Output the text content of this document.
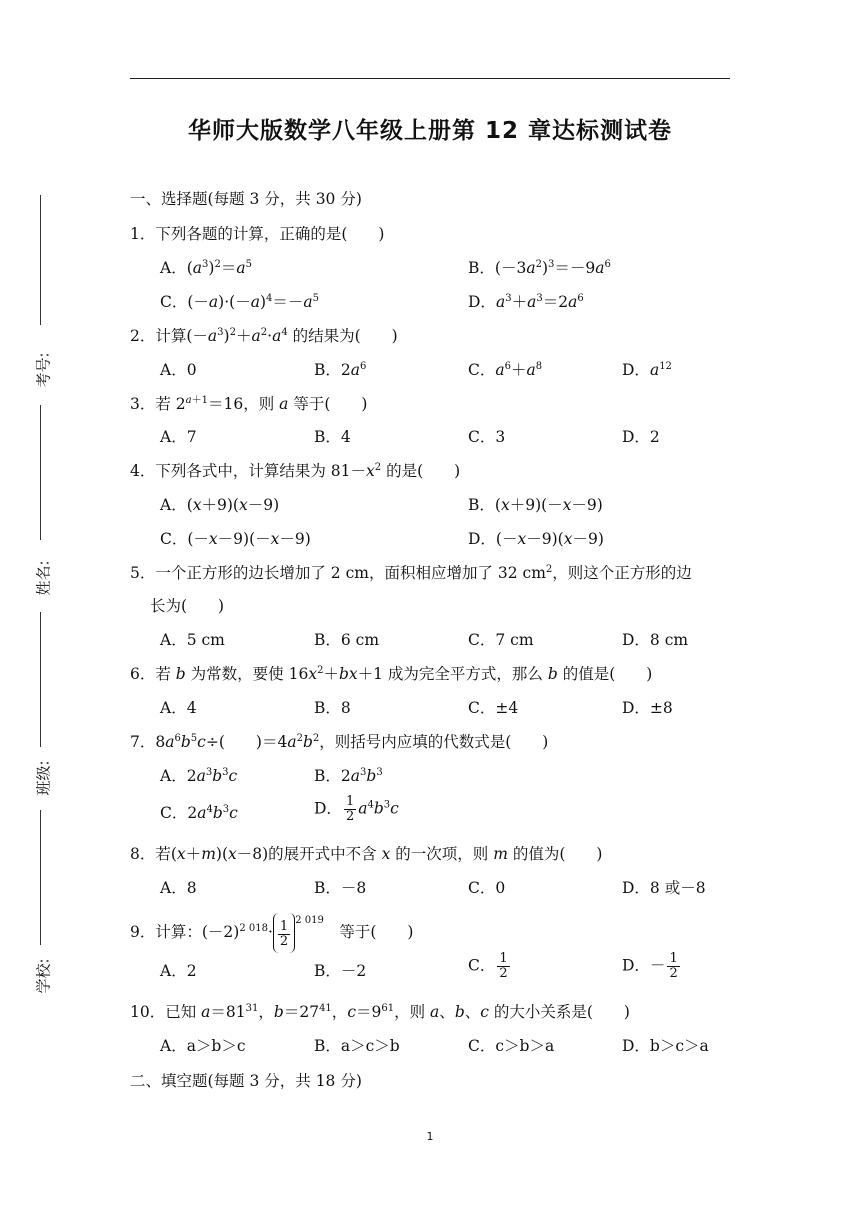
华师大版数学八年级上册第 12 章达标测试卷
考号:
姓名:
班级:
学校:
一、选择题(每题 3 分，共 30 分)
1．下列各题的计算，正确的是(　　)
A．$(a^3)^2=a^5$	B．$(-3a^2)^3=-9a^6$
C．$(-a)\cdot(-a)^4=-a^5$	D．$a^3+a^3=2a^6$
2．计算$(-a^3)^2+a^2\cdot a^4$ 的结果为(　　)
A．0	B．$2a^6$	C．$a^6+a^8$	D．$a^{12}$
3．若 $2^{a+1}=16$，则 a 等于(　　)
A．7	B．4	C．3	D．2
4．下列各式中，计算结果为 $81-x^2$ 的是(　　)
A．(x＋9)(x－9)	B．(x＋9)(－x－9)
C．(－x－9)(－x－9)	D．(－x－9)(x－9)
5．一个正方形的边长增加了 2 cm，面积相应增加了 32 $cm^2$，则这个正方形的边
长为(　　)
A．5 cm	B．6 cm	C．7 cm	D．8 cm
6．若 b 为常数，要使 $16x^2+bx+1$ 成为完全平方式，那么 b 的值是(　　)
A．4	B．8	C．±4	D．±8
7．$8a^6b^5c\div$(　　)$=4a^2b^2$，则括号内应填的代数式是(　　)
A．$2a^3b^3c$	B．$2a^3b^3$
C．$2a^4b^3c$	D． $\frac{1}{2} a^4b^3c$
8．若(x＋m)(x－8)的展开式中不含 x 的一次项，则 m 的值为(　　)
A．8	B．－8	C．0	D．8 或－8
9．计算：$(-2)^{2 018}\cdot \frac{1}{2} ^{2 019}$　等于(　　)
A．2	B．－2	C． $\frac{1}{2}$	D．－ $\frac{1}{2}$
10．已知 $a=81^{31}$，$b=27^{41}$，$c=9^{61}$，则 a、b、c 的大小关系是(　　)
A．a＞b＞c	B．a＞c＞b	C．c＞b＞a	D．b＞c＞a
二、填空题(每题 3 分，共 18 分)
1
